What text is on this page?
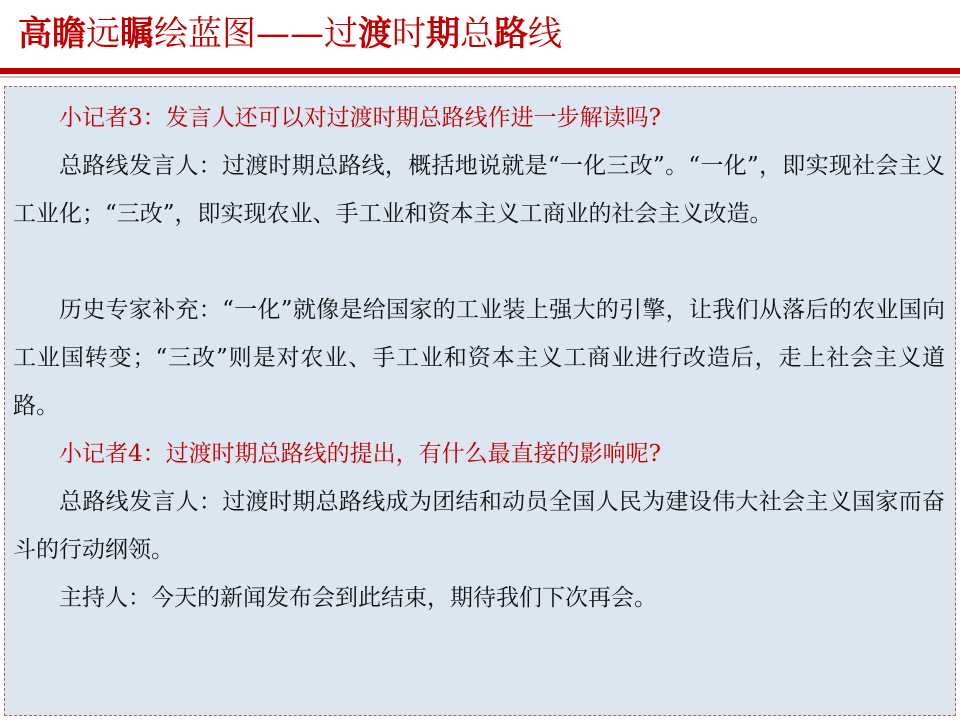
高瞻远瞩绘蓝图——过渡时期总路线

小记者3：发言人还可以对过渡时期总路线作进一步解读吗?

总路线发言人：过渡时期总路线，概括地说就是“一化三改”。“一化”，即实现社会主义工业化；“三改”，即实现农业、手工业和资本主义工商业的社会主义改造。

历史专家补充：“一化”就像是给国家的工业装上强大的引擎，让我们从落后的农业国向工业国转变；“三改”则是对农业、手工业和资本主义工商业进行改造后，走上社会主义道路。

小记者4：过渡时期总路线的提出，有什么最直接的影响呢?

总路线发言人：过渡时期总路线成为团结和动员全国人民为建设伟大社会主义国家而奋斗的行动纲领。

主持人：今天的新闻发布会到此结束，期待我们下次再会。
